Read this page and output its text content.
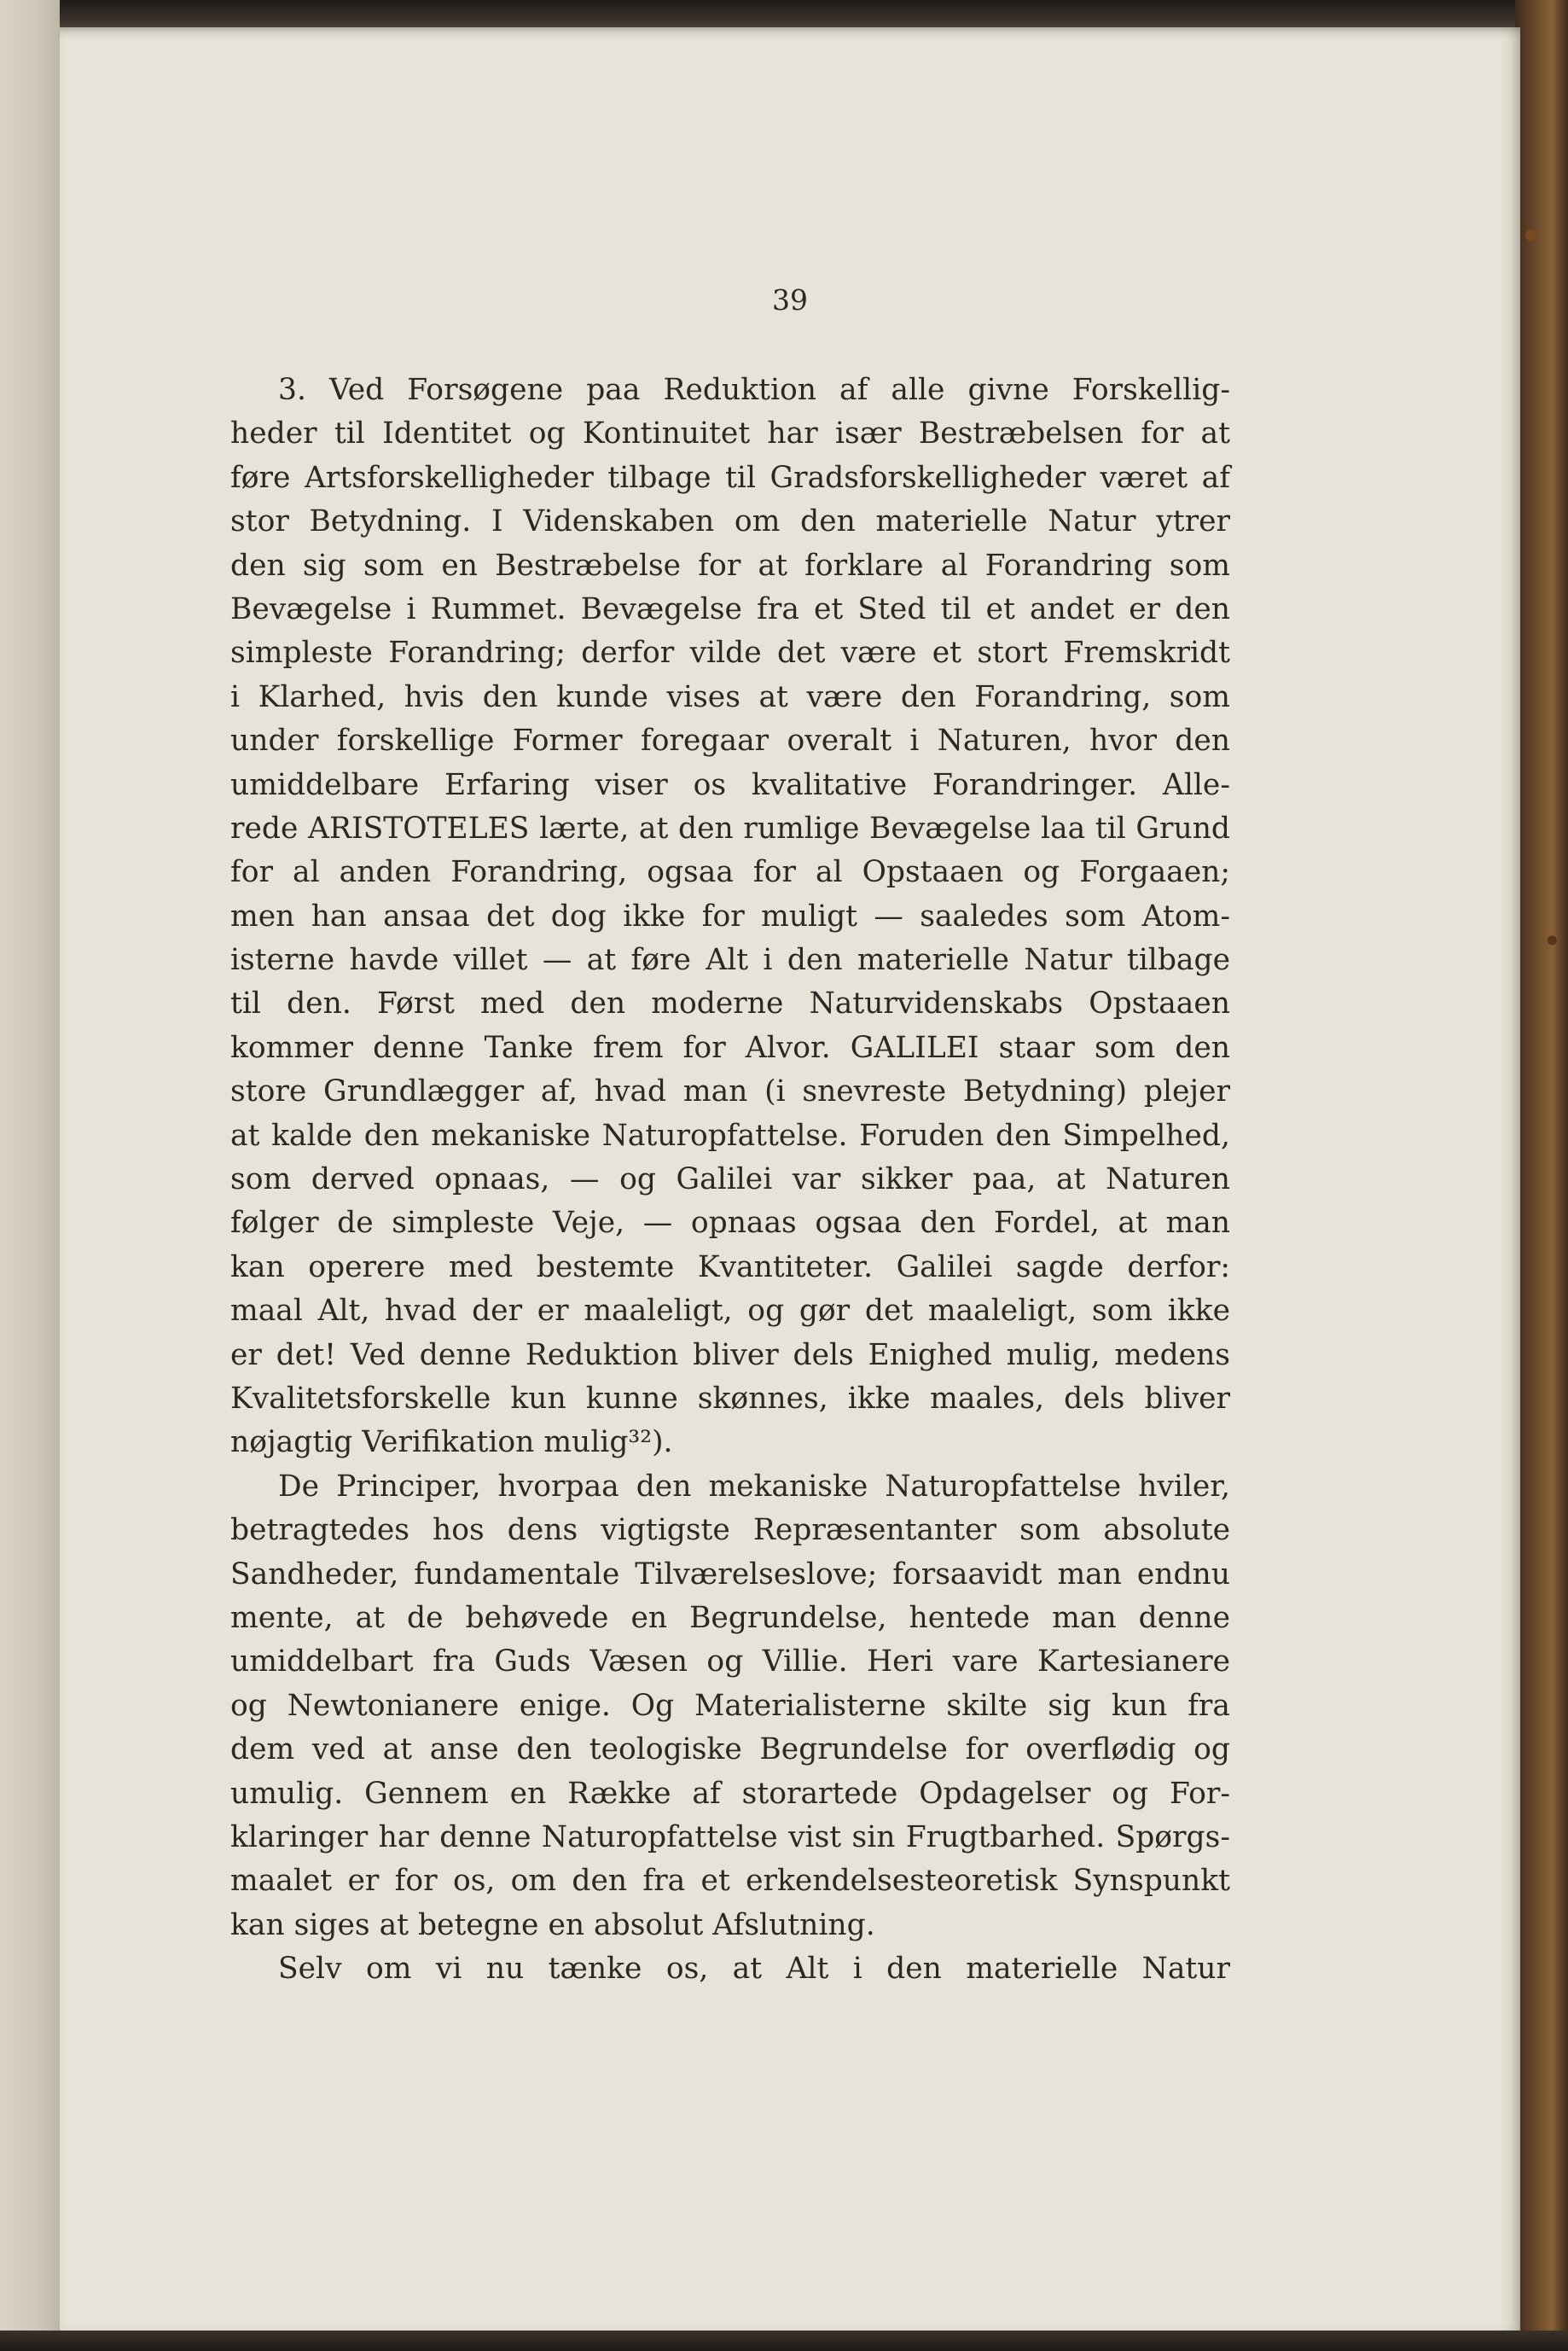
39
3. Ved Forsøgene paa Reduktion af alle givne Forskellig-
heder til Identitet og Kontinuitet har især Bestræbelsen for at
føre Artsforskelligheder tilbage til Gradsforskelligheder været af
stor Betydning. I Videnskaben om den materielle Natur ytrer
den sig som en Bestræbelse for at forklare al Forandring som
Bevægelse i Rummet. Bevægelse fra et Sted til et andet er den
simpleste Forandring; derfor vilde det være et stort Fremskridt
i Klarhed, hvis den kunde vises at være den Forandring, som
under forskellige Former foregaar overalt i Naturen, hvor den
umiddelbare Erfaring viser os kvalitative Forandringer. Alle-
rede ARISTOTELES lærte, at den rumlige Bevægelse laa til Grund
for al anden Forandring, ogsaa for al Opstaaen og Forgaaen;
men han ansaa det dog ikke for muligt — saaledes som Atom-
isterne havde villet — at føre Alt i den materielle Natur tilbage
til den. Først med den moderne Naturvidenskabs Opstaaen
kommer denne Tanke frem for Alvor. GALILEI staar som den
store Grundlægger af, hvad man (i snevreste Betydning) plejer
at kalde den mekaniske Naturopfattelse. Foruden den Simpelhed,
som derved opnaas, — og Galilei var sikker paa, at Naturen
følger de simpleste Veje, — opnaas ogsaa den Fordel, at man
kan operere med bestemte Kvantiteter. Galilei sagde derfor:
maal Alt, hvad der er maaleligt, og gør det maaleligt, som ikke
er det! Ved denne Reduktion bliver dels Enighed mulig, medens
Kvalitetsforskelle kun kunne skønnes, ikke maales, dels bliver
nøjagtig Verifikation mulig³²).
De Principer, hvorpaa den mekaniske Naturopfattelse hviler,
betragtedes hos dens vigtigste Repræsentanter som absolute
Sandheder, fundamentale Tilværelseslove; forsaavidt man endnu
mente, at de behøvede en Begrundelse, hentede man denne
umiddelbart fra Guds Væsen og Villie. Heri vare Kartesianere
og Newtonianere enige. Og Materialisterne skilte sig kun fra
dem ved at anse den teologiske Begrundelse for overflødig og
umulig. Gennem en Række af storartede Opdagelser og For-
klaringer har denne Naturopfattelse vist sin Frugtbarhed. Spørgs-
maalet er for os, om den fra et erkendelsesteoretisk Synspunkt
kan siges at betegne en absolut Afslutning.
Selv om vi nu tænke os, at Alt i den materielle Natur
